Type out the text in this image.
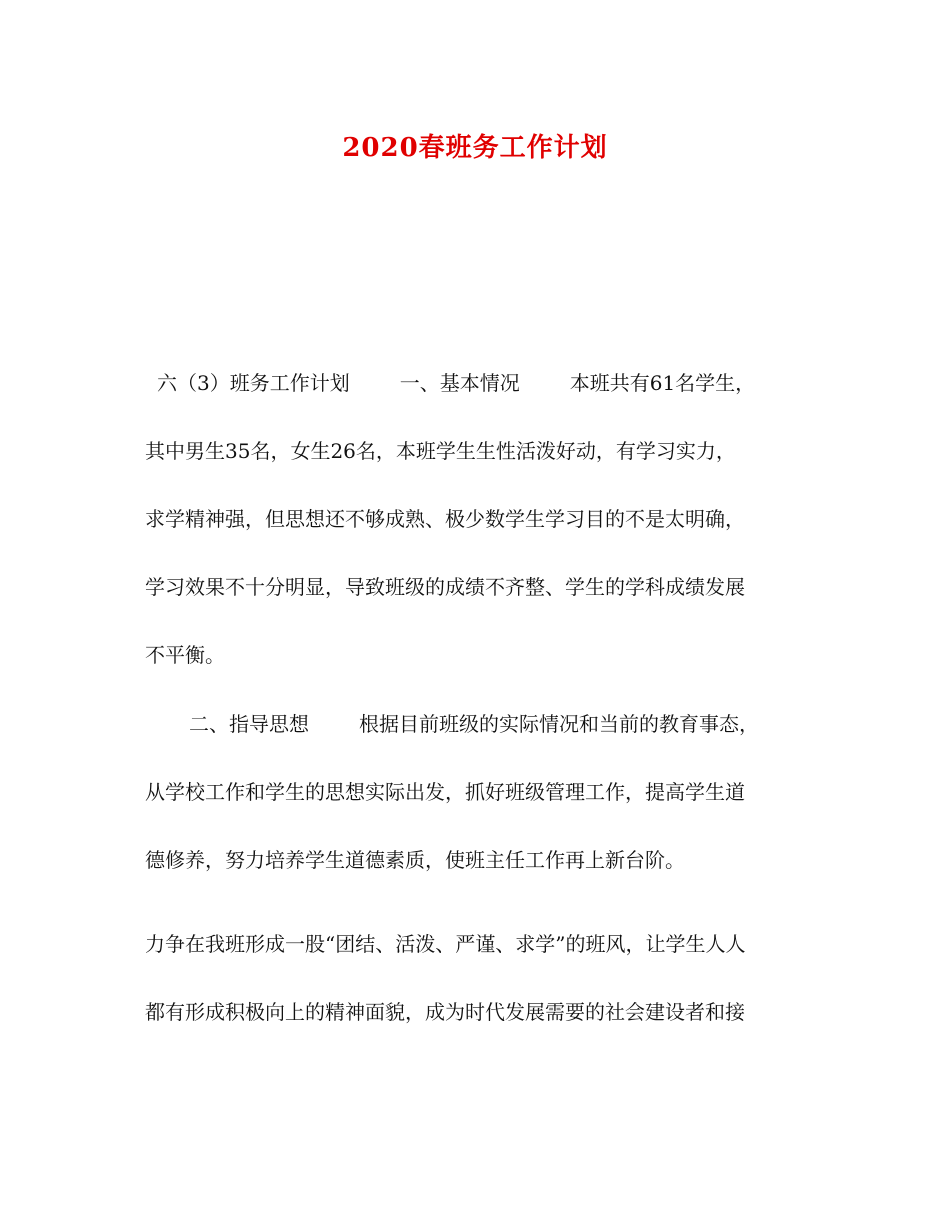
2020春班务工作计划
六（3）班务工作计划	一、基本情况	本班共有61名学生，
其中男生35名，女生26名，本班学生生性活泼好动，有学习实力，
求学精神强，但思想还不够成熟、极少数学生学习目的不是太明确，
学习效果不十分明显，导致班级的成绩不齐整、学生的学科成绩发展
不平衡。
二、指导思想	根据目前班级的实际情况和当前的教育事态，
从学校工作和学生的思想实际出发，抓好班级管理工作，提高学生道
德修养，努力培养学生道德素质，使班主任工作再上新台阶。
力争在我班形成一股“团结、活泼、严谨、求学”的班风，让学生人人
都有形成积极向上的精神面貌，成为时代发展需要的社会建设者和接
